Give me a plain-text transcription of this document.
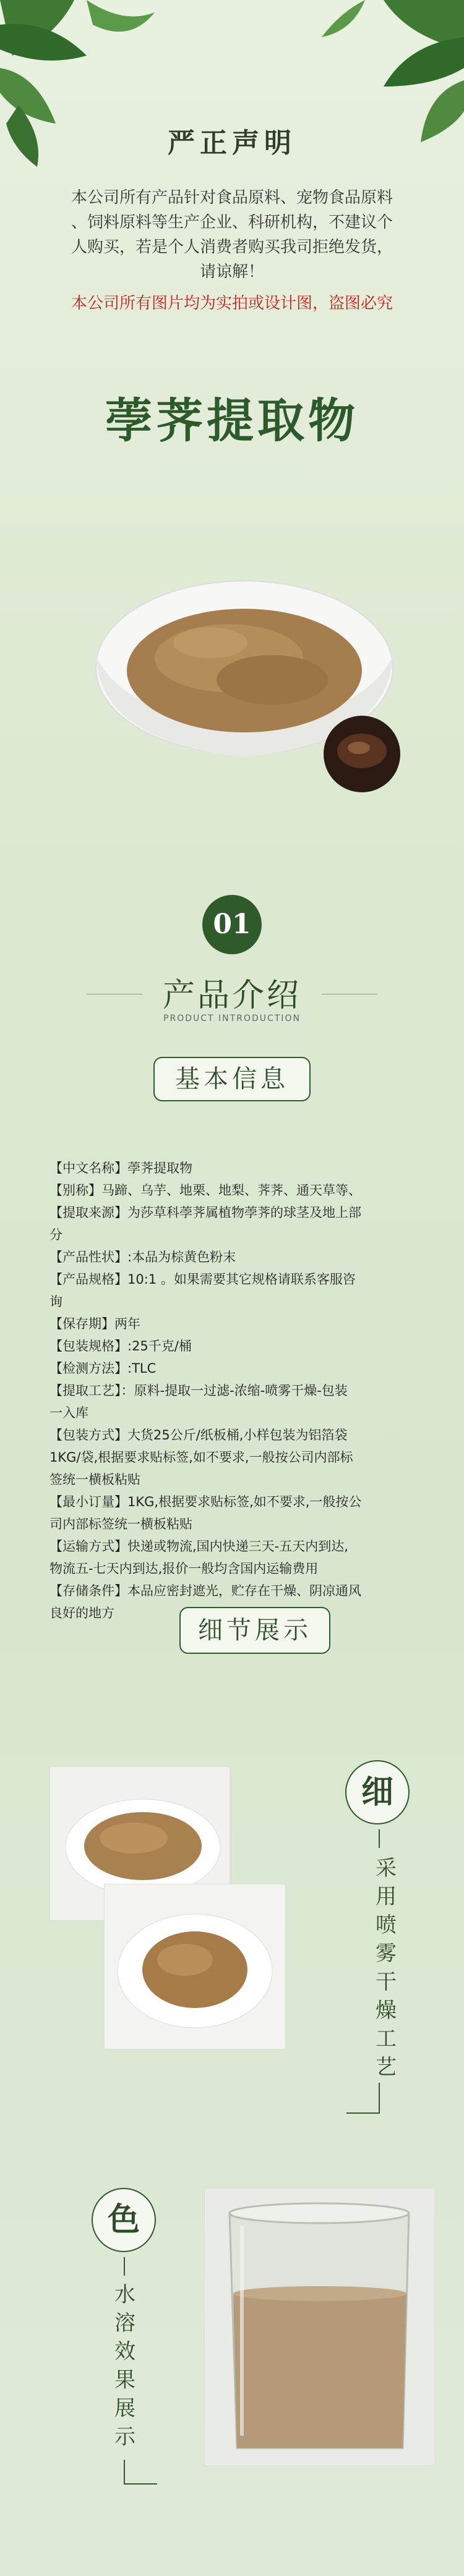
严正声明
本公司所有产品针对食品原料、宠物食品原料
、饲料原料等生产企业、科研机构，不建议个
人购买，若是个人消费者购买我司拒绝发货，
请谅解！
本公司所有图片均为实拍或设计图，盗图必究
荸荠提取物
01
产品介绍
PRODUCT INTRODUCTION
基本信息

【中文名称】荸荠提取物

【别称】马蹄、乌芋、地栗、地梨、荠荠、通天草等、

【提取来源】为莎草科荸荠属植物荸荠的球茎及地上部

分

【产品性状】:本品为棕黄色粉末

【产品规格】10:1 。如果需要其它规格请联系客服咨

询

【保存期】两年

【包装规格】:25千克/桶

【检测方法】:TLC

【提取工艺】：原料-提取一过滤-浓缩-喷雾干燥-包装

一入库

【包装方式】大货25公斤/纸板桶,小样包装为铝箔袋

1KG/袋,根据要求贴标签,如不要求,一般按公司内部标

签统一横板粘贴

【最小订量】1KG,根据要求贴标签,如不要求,一般按公

司内部标签统一横板粘贴

【运输方式】快递或物流,国内快递三天-五天内到达,

物流五-七天内到达,报价一般均含国内运输费用

【存储条件】本品应密封遮光，贮存在干燥、阴凉通风

良好的地方

细节展示
细
采用喷雾干燥工艺
色
水溶效果展示
